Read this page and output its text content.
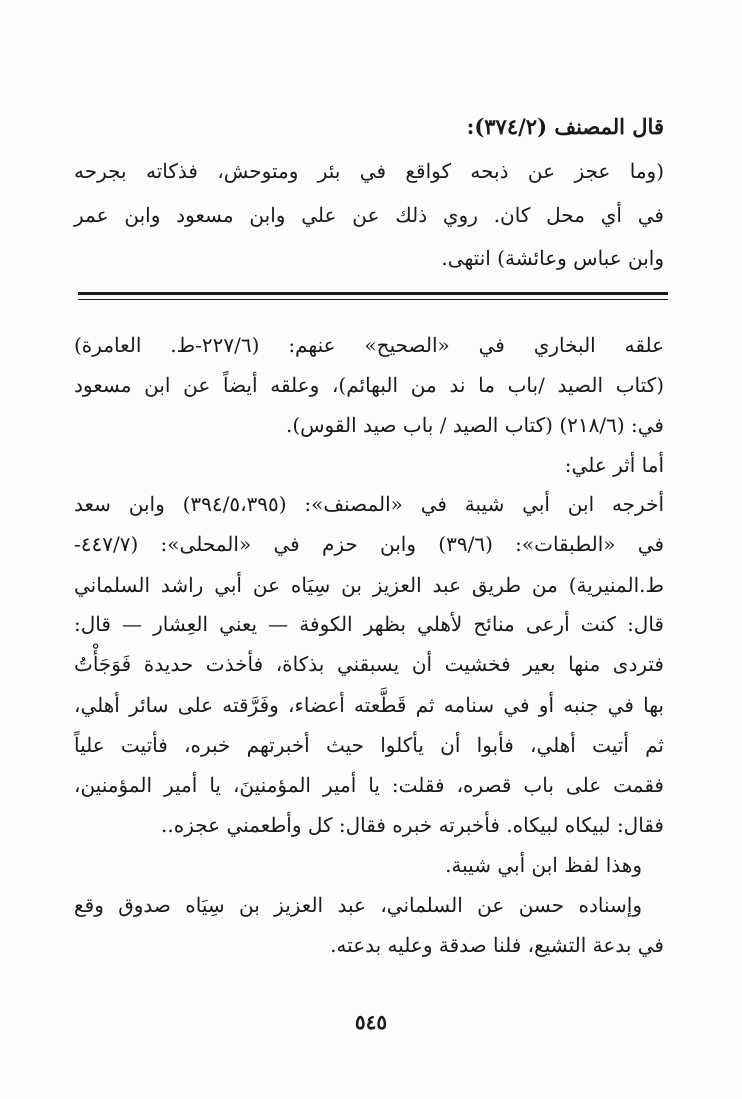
قال المصنف (٣٧٤/٢):
(وما عجز عن ذبحه كواقع في بئر ومتوحش، فذكاته بجرحه
في أي محل كان. روي ذلك عن علي وابن مسعود وابن عمر
وابن عباس وعائشة) انتهى.
علقه البخاري في «الصحيح» عنهم: (٢٢٧/٦-ط. العامرة)
(كتاب الصيد /باب ما ند من البهائم)، وعلقه أيضاً عن ابن مسعود
في: (٢١٨/٦) (كتاب الصيد / باب صيد القوس).
أما أثر علي:
أخرجه ابن أبي شيبة في «المصنف»: (٣٩٤/٥،٣٩٥) وابن سعد
في «الطبقات»: (٣٩/٦) وابن حزم في «المحلى»: (٤٤٧/٧-
ط.المنيرية) من طريق عبد العزيز بن سِيَاه عن أبي راشد السلماني
قال: كنت أرعى منائح لأهلي بظهر الكوفة — يعني العِشار — قال:
فتردى منها بعير فخشيت أن يسبقني بذكاة، فأخذت حديدة فَوَجَأْتُ
بها في جنبه أو في سنامه ثم قَطَّعته أعضاء، وفَرَّقته على سائر أهلي،
ثم أتيت أهلي، فأبوا أن يأكلوا حيث أخبرتهم خبره، فأتيت علياً
فقمت على باب قصره، فقلت: يا أمير المؤمنينَ، يا أمير المؤمنين،
فقال: لبيكاه لبيكاه. فأخبرته خبره فقال: كل وأطعمني عجزه..
وهذا لفظ ابن أبي شيبة.
وإسناده حسن عن السلماني، عبد العزيز بن سِيَاه صدوق وقع
في بدعة التشيع، فلنا صدقة وعليه بدعته.
٥٤٥
